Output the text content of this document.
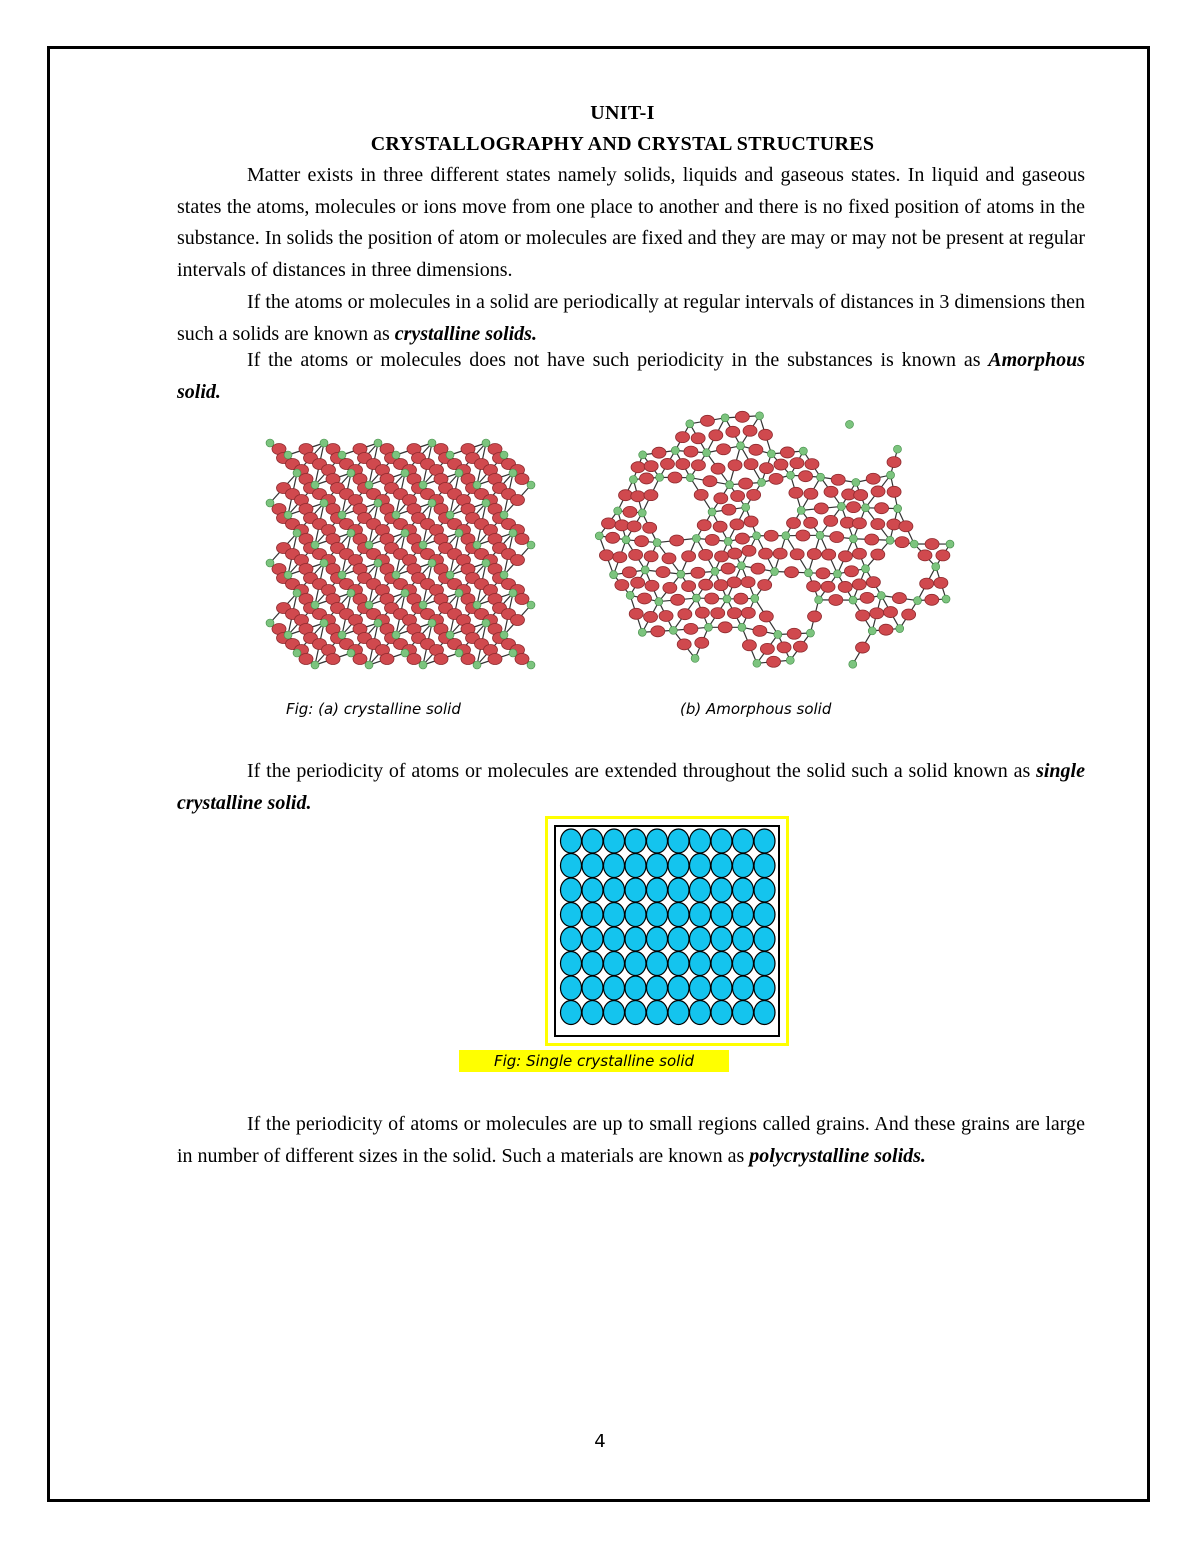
UNIT-I
CRYSTALLOGRAPHY AND CRYSTAL STRUCTURES
Matter exists in three different states namely solids, liquids and gaseous states. In liquid and gaseous states the atoms, molecules or ions move from one place to another and there is no fixed position of atoms in the substance. In solids the position of atom or molecules are fixed and they are may or may not be present at regular intervals of distances in three dimensions.
If the atoms or molecules in a solid are periodically at regular intervals of distances in 3 dimensions then such a solids are known as crystalline solids.
If the atoms or molecules does not have such periodicity in the substances is known as Amorphous solid.
Fig: (a) crystalline solid	(b) Amorphous solid
If the periodicity of atoms or molecules are extended throughout the solid such a solid known as single crystalline solid.
Fig: Single crystalline solid
If the periodicity of atoms or molecules are up to small regions called grains. And these grains are large in number of different sizes in the solid. Such a materials are known as polycrystalline solids.
4
